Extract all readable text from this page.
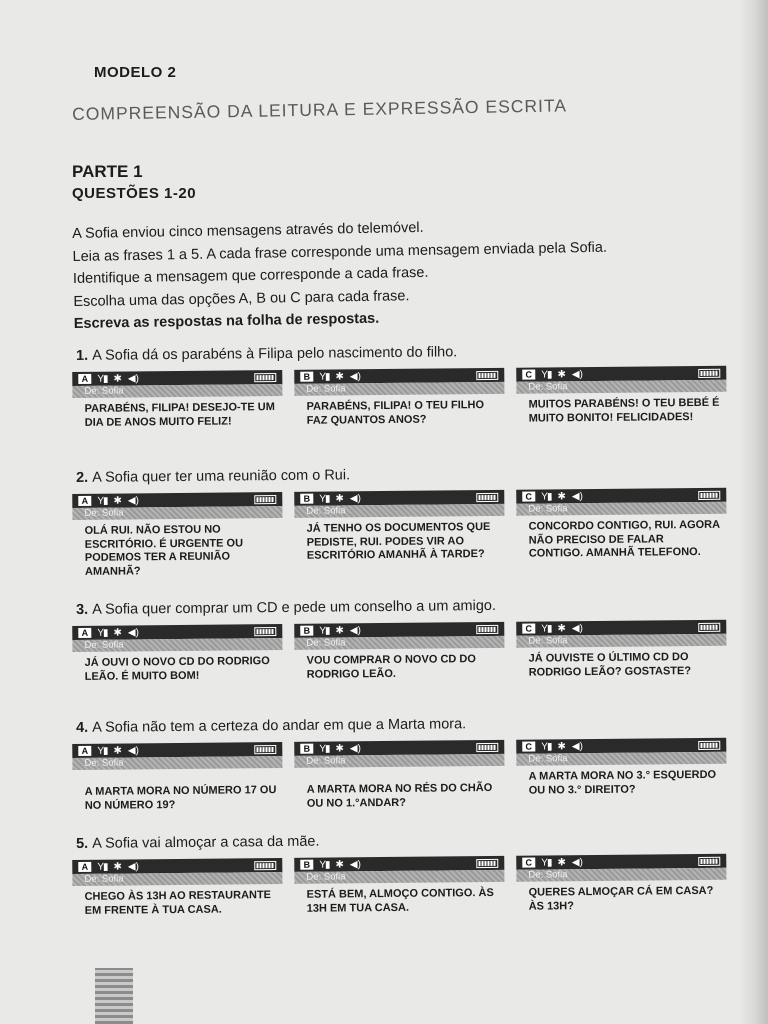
MODELO 2
COMPREENSÃO DA LEITURA E EXPRESSÃO ESCRITA
PARTE 1
QUESTÕES 1-20
A Sofia enviou cinco mensagens através do telemóvel.
Leia as frases 1 a 5. A cada frase corresponde uma mensagem enviada pela Sofia.
Identifique a mensagem que corresponde a cada frase.
Escolha uma das opções A, B ou C para cada frase.
Escreva as respostas na folha de respostas.
1. A Sofia dá os parabéns à Filipa pelo nascimento do filho.
A Y▮ ✱ ◀)
De: Sofia
PARABÉNS, FILIPA! DESEJO-TE UM DIA DE ANOS MUITO FELIZ!
B Y▮ ✱ ◀)
De: Sofia
PARABÉNS, FILIPA! O TEU FILHO FAZ QUANTOS ANOS?
C Y▮ ✱ ◀)
De: Sofia
MUITOS PARABÉNS! O TEU BEBÉ É MUITO BONITO! FELICIDADES!
2. A Sofia quer ter uma reunião com o Rui.
A Y▮ ✱ ◀)
De: Sofia
OLÁ RUI. NÃO ESTOU NO ESCRITÓRIO. É URGENTE OU PODEMOS TER A REUNIÃO AMANHÃ?
B Y▮ ✱ ◀)
De: Sofia
JÁ TENHO OS DOCUMENTOS QUE PEDISTE, RUI. PODES VIR AO ESCRITÓRIO AMANHÃ À TARDE?
C Y▮ ✱ ◀)
De: Sofia
CONCORDO CONTIGO, RUI. AGORA NÃO PRECISO DE FALAR CONTIGO. AMANHÃ TELEFONO.
3. A Sofia quer comprar um CD e pede um conselho a um amigo.
A Y▮ ✱ ◀)
De: Sofia
JÁ OUVI O NOVO CD DO RODRIGO LEÃO. É MUITO BOM!
B Y▮ ✱ ◀)
De: Sofia
VOU COMPRAR O NOVO CD DO RODRIGO LEÃO.
C Y▮ ✱ ◀)
De: Sofia
JÁ OUVISTE O ÚLTIMO CD DO RODRIGO LEÃO? GOSTASTE?
4. A Sofia não tem a certeza do andar em que a Marta mora.
A Y▮ ✱ ◀)
De: Sofia
A MARTA MORA NO NÚMERO 17 OU NO NÚMERO 19?
B Y▮ ✱ ◀)
De: Sofia
A MARTA MORA NO RÉS DO CHÃO OU NO 1.°ANDAR?
C Y▮ ✱ ◀)
De: Sofia
A MARTA MORA NO 3.° ESQUERDO OU NO 3.° DIREITO?
5. A Sofia vai almoçar a casa da mãe.
A Y▮ ✱ ◀)
De: Sofia
CHEGO ÀS 13H AO RESTAURANTE EM FRENTE À TUA CASA.
B Y▮ ✱ ◀)
De: Sofia
ESTÁ BEM, ALMOÇO CONTIGO. ÀS 13H EM TUA CASA.
C Y▮ ✱ ◀)
De: Sofia
QUERES ALMOÇAR CÁ EM CASA? ÀS 13H?
